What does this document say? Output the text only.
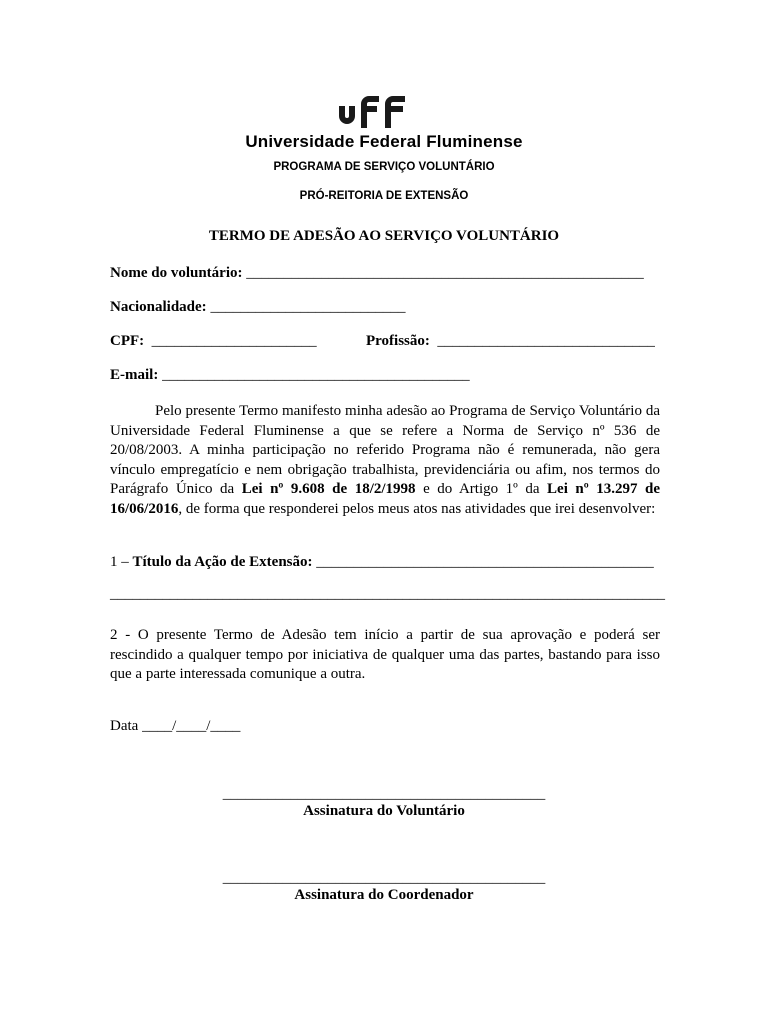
Universidade Federal Fluminense
PROGRAMA DE SERVIÇO VOLUNTÁRIO
PRÓ-REITORIA DE EXTENSÃO
TERMO DE ADESÃO AO SERVIÇO VOLUNTÁRIO
Nome do voluntário: _____________________________________________________
Nacionalidade: __________________________
CPF: ______________________	Profissão: _____________________________
E-mail: _________________________________________
Pelo presente Termo manifesto minha adesão ao Programa de Serviço Voluntário da Universidade Federal Fluminense a que se refere a Norma de Serviço nº 536 de 20/08/2003. A minha participação no referido Programa não é remunerada, não gera vínculo empregatício e nem obrigação trabalhista, previdenciária ou afim, nos termos do Parágrafo Único da Lei nº 9.608 de 18/2/1998 e do Artigo 1º da Lei nº 13.297 de 16/06/2016, de forma que responderei pelos meus atos nas atividades que irei desenvolver:
1 – Título da Ação de Extensão: _____________________________________________
__________________________________________________________________________
2 - O presente Termo de Adesão tem início a partir de sua aprovação e poderá ser rescindido a qualquer tempo por iniciativa de qualquer uma das partes, bastando para isso que a parte interessada comunique a outra.
Data ____/____/____
___________________________________________
Assinatura do Voluntário
___________________________________________
Assinatura do Coordenador
